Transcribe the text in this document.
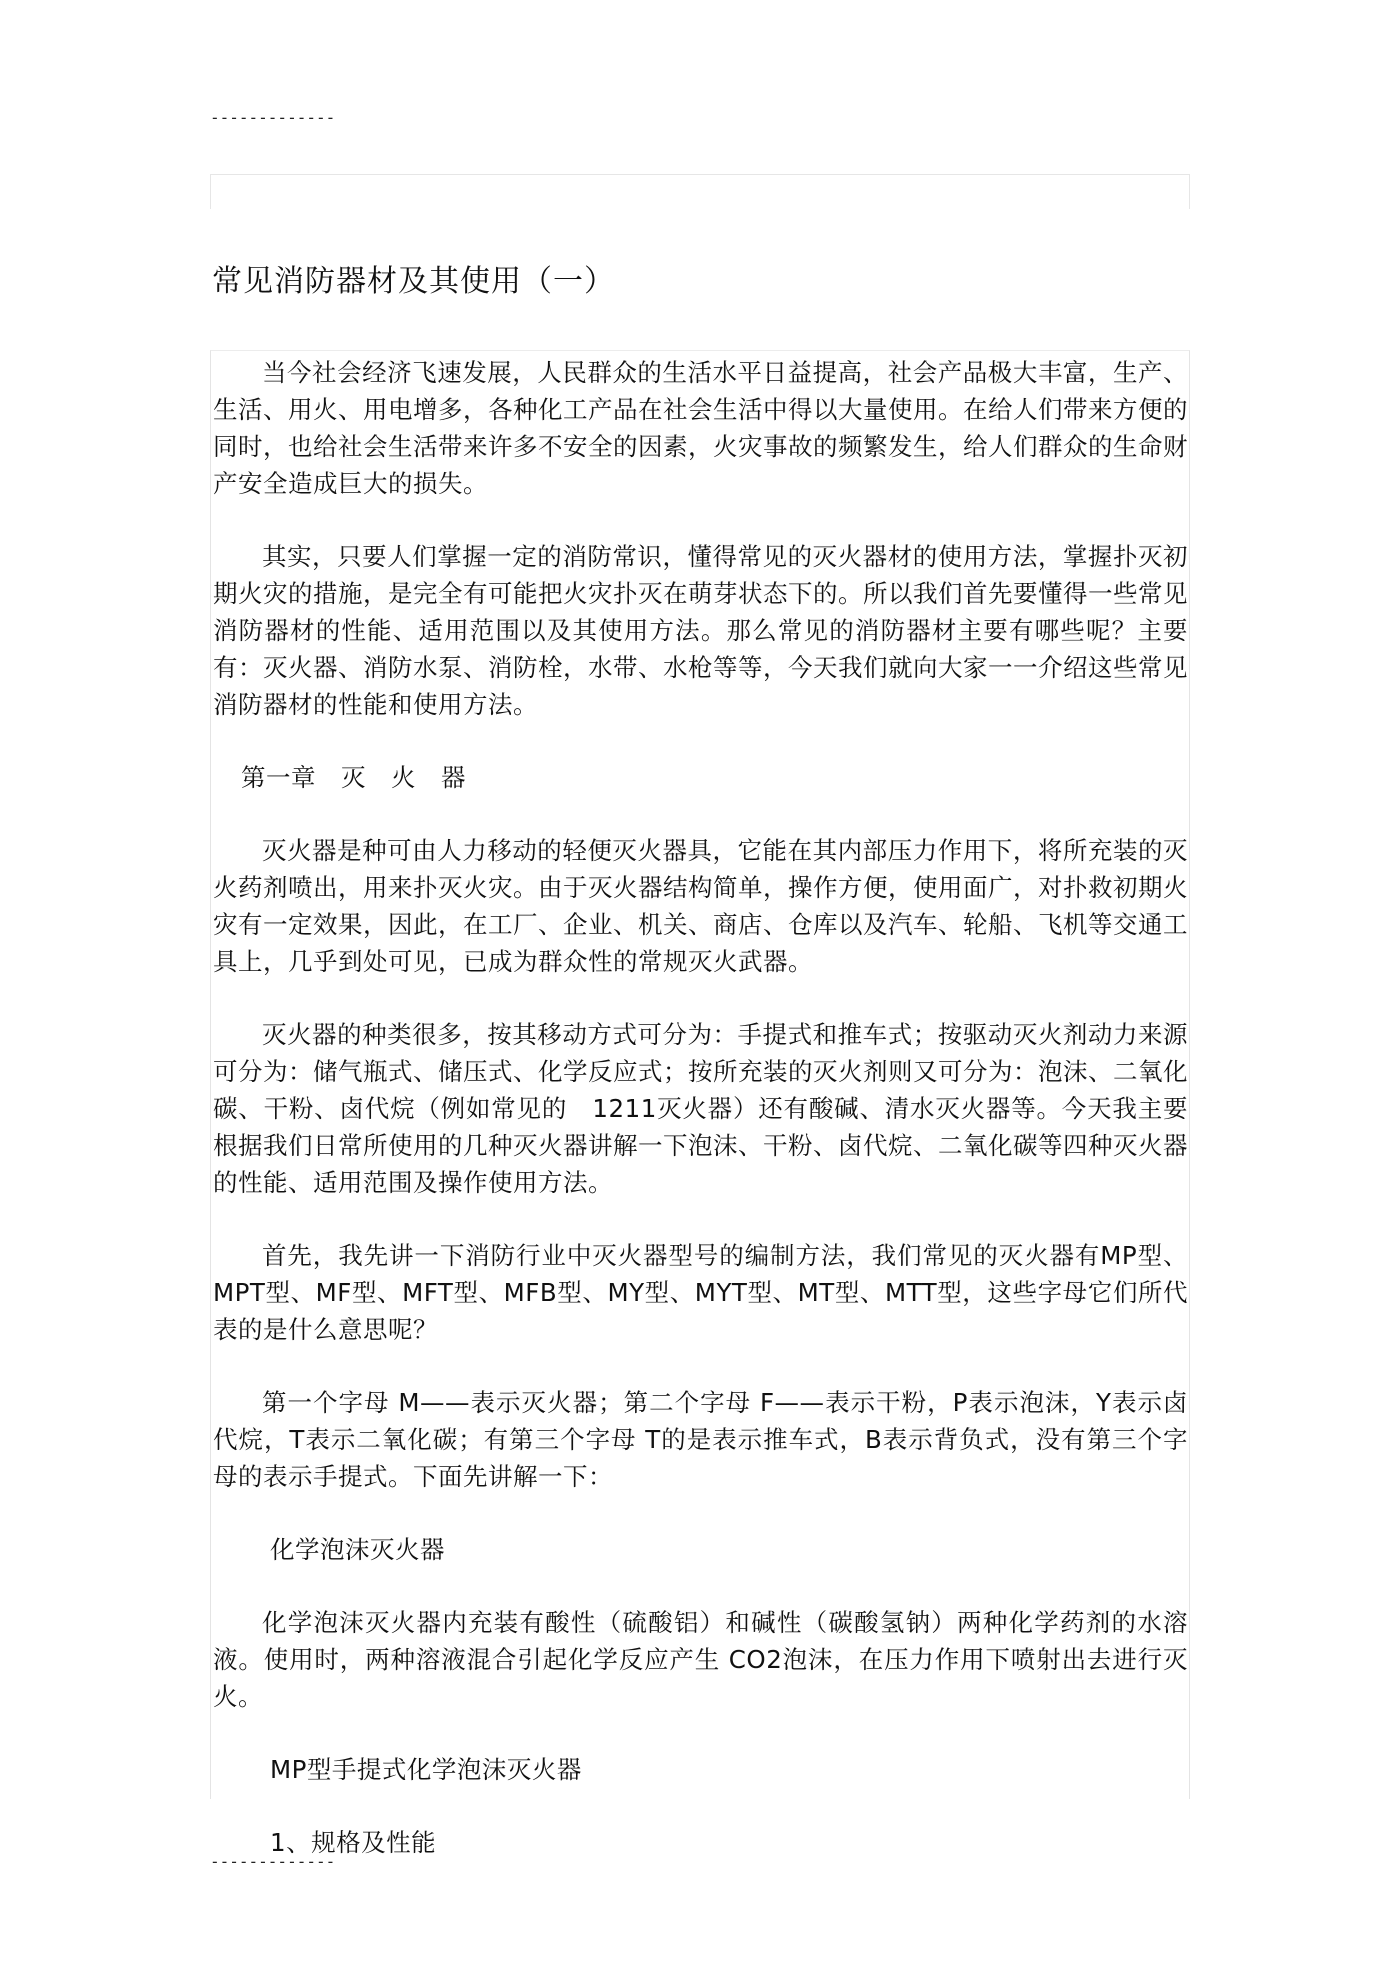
-------------
常见消防器材及其使用（一）

当今社会经济飞速发展，人民群众的生活水平日益提高，社会产品极大丰富，生产、生活、用火、用电增多，各种化工产品在社会生活中得以大量使用。在给人们带来方便的同时，也给社会生活带来许多不安全的因素，火灾事故的频繁发生，给人们群众的生命财产安全造成巨大的损失。

其实，只要人们掌握一定的消防常识，懂得常见的灭火器材的使用方法，掌握扑灭初期火灾的措施，是完全有可能把火灾扑灭在萌芽状态下的。所以我们首先要懂得一些常见消防器材的性能、适用范围以及其使用方法。那么常见的消防器材主要有哪些呢？主要有：灭火器、消防水泵、消防栓，水带、水枪等等，今天我们就向大家一一介绍这些常见消防器材的性能和使用方法。

第一章　灭　火　器

灭火器是种可由人力移动的轻便灭火器具，它能在其内部压力作用下，将所充装的灭火药剂喷出，用来扑灭火灾。由于灭火器结构简单，操作方便，使用面广，对扑救初期火灾有一定效果，因此，在工厂、企业、机关、商店、仓库以及汽车、轮船、飞机等交通工具上，几乎到处可见，已成为群众性的常规灭火武器。

灭火器的种类很多，按其移动方式可分为：手提式和推车式；按驱动灭火剂动力来源可分为：储气瓶式、储压式、化学反应式；按所充装的灭火剂则又可分为：泡沫、二氧化碳、干粉、卤代烷（例如常见的　1211灭火器）还有酸碱、清水灭火器等。今天我主要根据我们日常所使用的几种灭火器讲解一下泡沫、干粉、卤代烷、二氧化碳等四种灭火器的性能、适用范围及操作使用方法。

首先，我先讲一下消防行业中灭火器型号的编制方法，我们常见的灭火器有MP型、MPT型、MF型、MFT型、MFB型、MY型、MYT型、MT型、MTT型，这些字母它们所代表的是什么意思呢？

第一个字母 M——表示灭火器；第二个字母 F——表示干粉，P表示泡沫，Y表示卤代烷，T表示二氧化碳；有第三个字母 T的是表示推车式，B表示背负式，没有第三个字母的表示手提式。下面先讲解一下：

化学泡沫灭火器

化学泡沫灭火器内充装有酸性（硫酸铝）和碱性（碳酸氢钠）两种化学药剂的水溶液。使用时，两种溶液混合引起化学反应产生 CO2泡沫，在压力作用下喷射出去进行灭火。

MP型手提式化学泡沫灭火器

1、规格及性能

-------------
